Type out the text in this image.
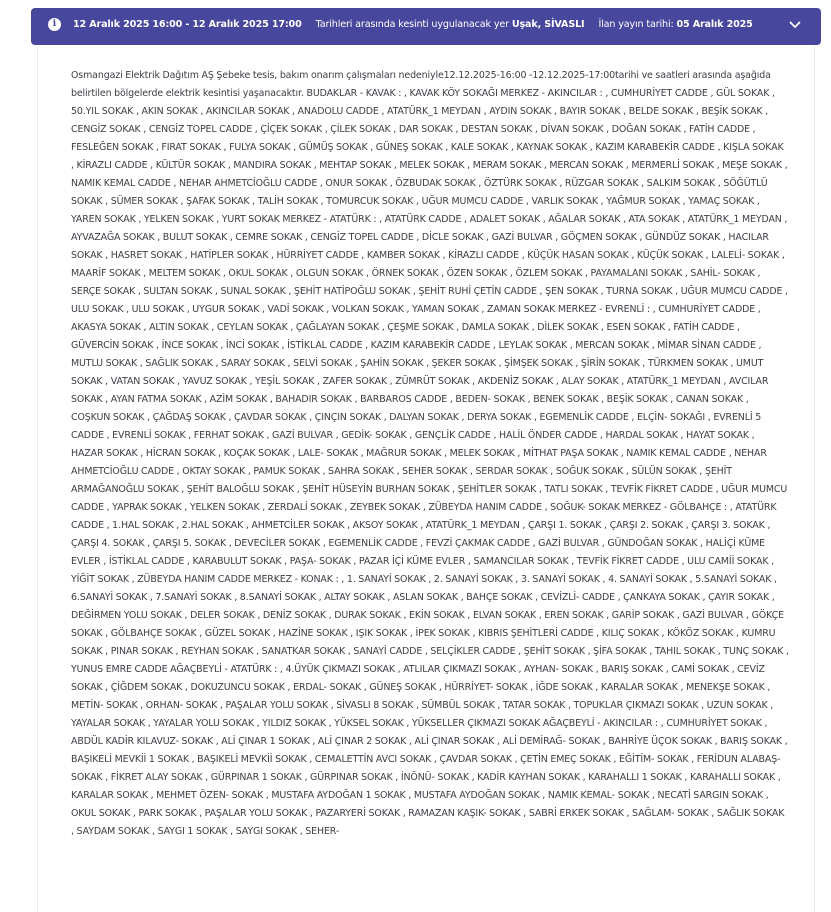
i	12 Aralık 2025 16:00 - 12 Aralık 2025 17:00 Tarihleri arasında kesinti uygulanacak yer Uşak, SİVASLI İlan yayın tarihi: 05 Aralık 2025

Osmangazi Elektrik Dağıtım AŞ Şebeke tesis, bakım onarım çalışmaları nedeniyle12.12.2025-16:00 -12.12.2025-17:00tarihi ve saatleri arasında aşağıda belirtilen bölgelerde elektrik kesintisi yaşanacaktır. BUDAKLAR - KAVAK : , KAVAK KÖY SOKAĞI MERKEZ - AKINCILAR : , CUMHURİYET CADDE , GÜL SOKAK , 50.YIL SOKAK , AKIN SOKAK , AKINCILAR SOKAK , ANADOLU CADDE , ATATÜRK_1 MEYDAN , AYDIN SOKAK , BAYIR SOKAK , BELDE SOKAK , BEŞİK SOKAK , CENGİZ SOKAK , CENGİZ TOPEL CADDE , ÇİÇEK SOKAK , ÇİLEK SOKAK , DAR SOKAK , DESTAN SOKAK , DİVAN SOKAK , DOĞAN SOKAK , FATİH CADDE , FESLEĞEN SOKAK , FIRAT SOKAK , FULYA SOKAK , GÜMÜŞ SOKAK , GÜNEŞ SOKAK , KALE SOKAK , KAYNAK SOKAK , KAZIM KARABEKİR CADDE , KIŞLA SOKAK , KİRAZLI CADDE , KÜLTÜR SOKAK , MANDIRA SOKAK , MEHTAP SOKAK , MELEK SOKAK , MERAM SOKAK , MERCAN SOKAK , MERMERLİ SOKAK , MEŞE SOKAK , NAMIK KEMAL CADDE , NEHAR AHMETCİOĞLU CADDE , ONUR SOKAK , ÖZBUDAK SOKAK , ÖZTÜRK SOKAK , RÜZGAR SOKAK , SALKIM SOKAK , SÖĞÜTLÜ SOKAK , SÜMER SOKAK , ŞAFAK SOKAK , TALİH SOKAK , TOMURCUK SOKAK , UĞUR MUMCU CADDE , VARLIK SOKAK , YAĞMUR SOKAK , YAMAÇ SOKAK , YAREN SOKAK , YELKEN SOKAK , YURT SOKAK MERKEZ - ATATÜRK : , ATATÜRK CADDE , ADALET SOKAK , AĞALAR SOKAK , ATA SOKAK , ATATÜRK_1 MEYDAN , AYVAZAĞA SOKAK , BULUT SOKAK , CEMRE SOKAK , CENGİZ TOPEL CADDE , DİCLE SOKAK , GAZİ BULVAR , GÖÇMEN SOKAK , GÜNDÜZ SOKAK , HACILAR SOKAK , HASRET SOKAK , HATİPLER SOKAK , HÜRRİYET CADDE , KAMBER SOKAK , KİRAZLI CADDE , KÜÇÜK HASAN SOKAK , KÜÇÜK SOKAK , LALELİ- SOKAK , MAARİF SOKAK , MELTEM SOKAK , OKUL SOKAK , OLGUN SOKAK , ÖRNEK SOKAK , ÖZEN SOKAK , ÖZLEM SOKAK , PAYAMALANI SOKAK , SAHİL- SOKAK , SERÇE SOKAK , SULTAN SOKAK , SUNAL SOKAK , ŞEHİT HATİPOĞLU SOKAK , ŞEHİT RUHİ ÇETİN CADDE , ŞEN SOKAK , TURNA SOKAK , UĞUR MUMCU CADDE , ULU SOKAK , ULU SOKAK , UYGUR SOKAK , VADİ SOKAK , VOLKAN SOKAK , YAMAN SOKAK , ZAMAN SOKAK MERKEZ - EVRENLİ : , CUMHURİYET CADDE , AKASYA SOKAK , ALTIN SOKAK , CEYLAN SOKAK , ÇAĞLAYAN SOKAK , ÇEŞME SOKAK , DAMLA SOKAK , DİLEK SOKAK , ESEN SOKAK , FATİH CADDE , GÜVERCİN SOKAK , İNCE SOKAK , İNCİ SOKAK , İSTİKLAL CADDE , KAZIM KARABEKİR CADDE , LEYLAK SOKAK , MERCAN SOKAK , MİMAR SİNAN CADDE , MUTLU SOKAK , SAĞLIK SOKAK , SARAY SOKAK , SELVİ SOKAK , ŞAHİN SOKAK , ŞEKER SOKAK , ŞİMŞEK SOKAK , ŞİRİN SOKAK , TÜRKMEN SOKAK , UMUT SOKAK , VATAN SOKAK , YAVUZ SOKAK , YEŞİL SOKAK , ZAFER SOKAK , ZÜMRÜT SOKAK , AKDENİZ SOKAK , ALAY SOKAK , ATATÜRK_1 MEYDAN , AVCILAR SOKAK , AYAN FATMA SOKAK , AZİM SOKAK , BAHADIR SOKAK , BARBAROS CADDE , BEDEN- SOKAK , BENEK SOKAK , BEŞİK SOKAK , CANAN SOKAK , COŞKUN SOKAK , ÇAĞDAŞ SOKAK , ÇAVDAR SOKAK , ÇINÇIN SOKAK , DALYAN SOKAK , DERYA SOKAK , EGEMENLİK CADDE , ELÇİN- SOKAĞI , EVRENLİ 5 CADDE , EVRENLİ SOKAK , FERHAT SOKAK , GAZİ BULVAR , GEDİK- SOKAK , GENÇLİK CADDE , HALİL ÖNDER CADDE , HARDAL SOKAK , HAYAT SOKAK , HAZAR SOKAK , HİCRAN SOKAK , KOÇAK SOKAK , LALE- SOKAK , MAĞRUR SOKAK , MELEK SOKAK , MİTHAT PAŞA SOKAK , NAMIK KEMAL CADDE , NEHAR AHMETCİOĞLU CADDE , OKTAY SOKAK , PAMUK SOKAK , SAHRA SOKAK , SEHER SOKAK , SERDAR SOKAK , SOĞUK SOKAK , SÜLÜN SOKAK , ŞEHİT ARMAĞANOĞLU SOKAK , ŞEHİT BALOĞLU SOKAK , ŞEHİT HÜSEYİN BURHAN SOKAK , ŞEHİTLER SOKAK , TATLI SOKAK , TEVFİK FİKRET CADDE , UĞUR MUMCU CADDE , YAPRAK SOKAK , YELKEN SOKAK , ZERDALİ SOKAK , ZEYBEK SOKAK , ZÜBEYDA HANIM CADDE , SOĞUK- SOKAK MERKEZ - GÖLBAHÇE : , ATATÜRK CADDE , 1.HAL SOKAK , 2.HAL SOKAK , AHMETCİLER SOKAK , AKSOY SOKAK , ATATÜRK_1 MEYDAN , ÇARŞI 1. SOKAK , ÇARŞI 2. SOKAK , ÇARŞI 3. SOKAK , ÇARŞI 4. SOKAK , ÇARŞI 5. SOKAK , DEVECİLER SOKAK , EGEMENLİK CADDE , FEVZİ ÇAKMAK CADDE , GAZİ BULVAR , GÜNDOĞAN SOKAK , HALİÇİ KÜME EVLER , İSTİKLAL CADDE , KARABULUT SOKAK , PAŞA- SOKAK , PAZAR İÇİ KÜME EVLER , SAMANCILAR SOKAK , TEVFİK FİKRET CADDE , ULU CAMİİ SOKAK , YİĞİT SOKAK , ZÜBEYDA HANIM CADDE MERKEZ - KONAK : , 1. SANAYİ SOKAK , 2. SANAYİ SOKAK , 3. SANAYİ SOKAK , 4. SANAYİ SOKAK , 5.SANAYİ SOKAK , 6.SANAYİ SOKAK , 7.SANAYİ SOKAK , 8.SANAYİ SOKAK , ALTAY SOKAK , ASLAN SOKAK , BAHÇE SOKAK , CEVİZLİ- CADDE , ÇANKAYA SOKAK , ÇAYIR SOKAK , DEĞİRMEN YOLU SOKAK , DELER SOKAK , DENİZ SOKAK , DURAK SOKAK , EKİN SOKAK , ELVAN SOKAK , EREN SOKAK , GARİP SOKAK , GAZİ BULVAR , GÖKÇE SOKAK , GÖLBAHÇE SOKAK , GÜZEL SOKAK , HAZİNE SOKAK , IŞIK SOKAK , İPEK SOKAK , KIBRIS ŞEHİTLERİ CADDE , KILIÇ SOKAK , KÖKÖZ SOKAK , KUMRU SOKAK , PINAR SOKAK , REYHAN SOKAK , SANATKAR SOKAK , SANAYİ CADDE , SELÇİKLER CADDE , ŞEHİT SOKAK , ŞİFA SOKAK , TAHIL SOKAK , TUNÇ SOKAK , YUNUS EMRE CADDE AĞAÇBEYLİ - ATATÜRK : , 4.ÜYÜK ÇIKMAZI SOKAK , ATLILAR ÇIKMAZI SOKAK , AYHAN- SOKAK , BARIŞ SOKAK , CAMİ SOKAK , CEVİZ SOKAK , ÇİĞDEM SOKAK , DOKUZUNCU SOKAK , ERDAL- SOKAK , GÜNEŞ SOKAK , HÜRRİYET- SOKAK , İĞDE SOKAK , KARALAR SOKAK , MENEKŞE SOKAK , METİN- SOKAK , ORHAN- SOKAK , PAŞALAR YOLU SOKAK , SİVASLI 8 SOKAK , SÜMBÜL SOKAK , TATAR SOKAK , TOPUKLAR ÇIKMAZI SOKAK , UZUN SOKAK , YAYALAR SOKAK , YAYALAR YOLU SOKAK , YILDIZ SOKAK , YÜKSEL SOKAK , YÜKSELLER ÇIKMAZI SOKAK AĞAÇBEYLİ - AKINCILAR : , CUMHURİYET SOKAK , ABDÜL KADİR KILAVUZ- SOKAK , ALİ ÇINAR 1 SOKAK , ALİ ÇINAR 2 SOKAK , ALİ ÇINAR SOKAK , ALİ DEMİRAĞ- SOKAK , BAHRİYE ÜÇOK SOKAK , BARIŞ SOKAK , BAŞIKELİ MEVKİİ 1 SOKAK , BAŞIKELİ MEVKİİ SOKAK , CEMALETTİN AVCI SOKAK , ÇAVDAR SOKAK , ÇETİN EMEÇ SOKAK , EĞİTİM- SOKAK , FERİDUN ALABAŞ- SOKAK , FİKRET ALAY SOKAK , GÜRPINAR 1 SOKAK , GÜRPINAR SOKAK , İNÖNÜ- SOKAK , KADİR KAYHAN SOKAK , KARAHALLI 1 SOKAK , KARAHALLI SOKAK , KARALAR SOKAK , MEHMET ÖZEN- SOKAK , MUSTAFA AYDOĞAN 1 SOKAK , MUSTAFA AYDOĞAN SOKAK , NAMIK KEMAL- SOKAK , NECATİ SARGIN SOKAK , OKUL SOKAK , PARK SOKAK , PAŞALAR YOLU SOKAK , PAZARYERİ SOKAK , RAMAZAN KAŞIK- SOKAK , SABRİ ERKEK SOKAK , SAĞLAM- SOKAK , SAĞLIK SOKAK , SAYDAM SOKAK , SAYGI 1 SOKAK , SAYGI SOKAK , SEHER-
